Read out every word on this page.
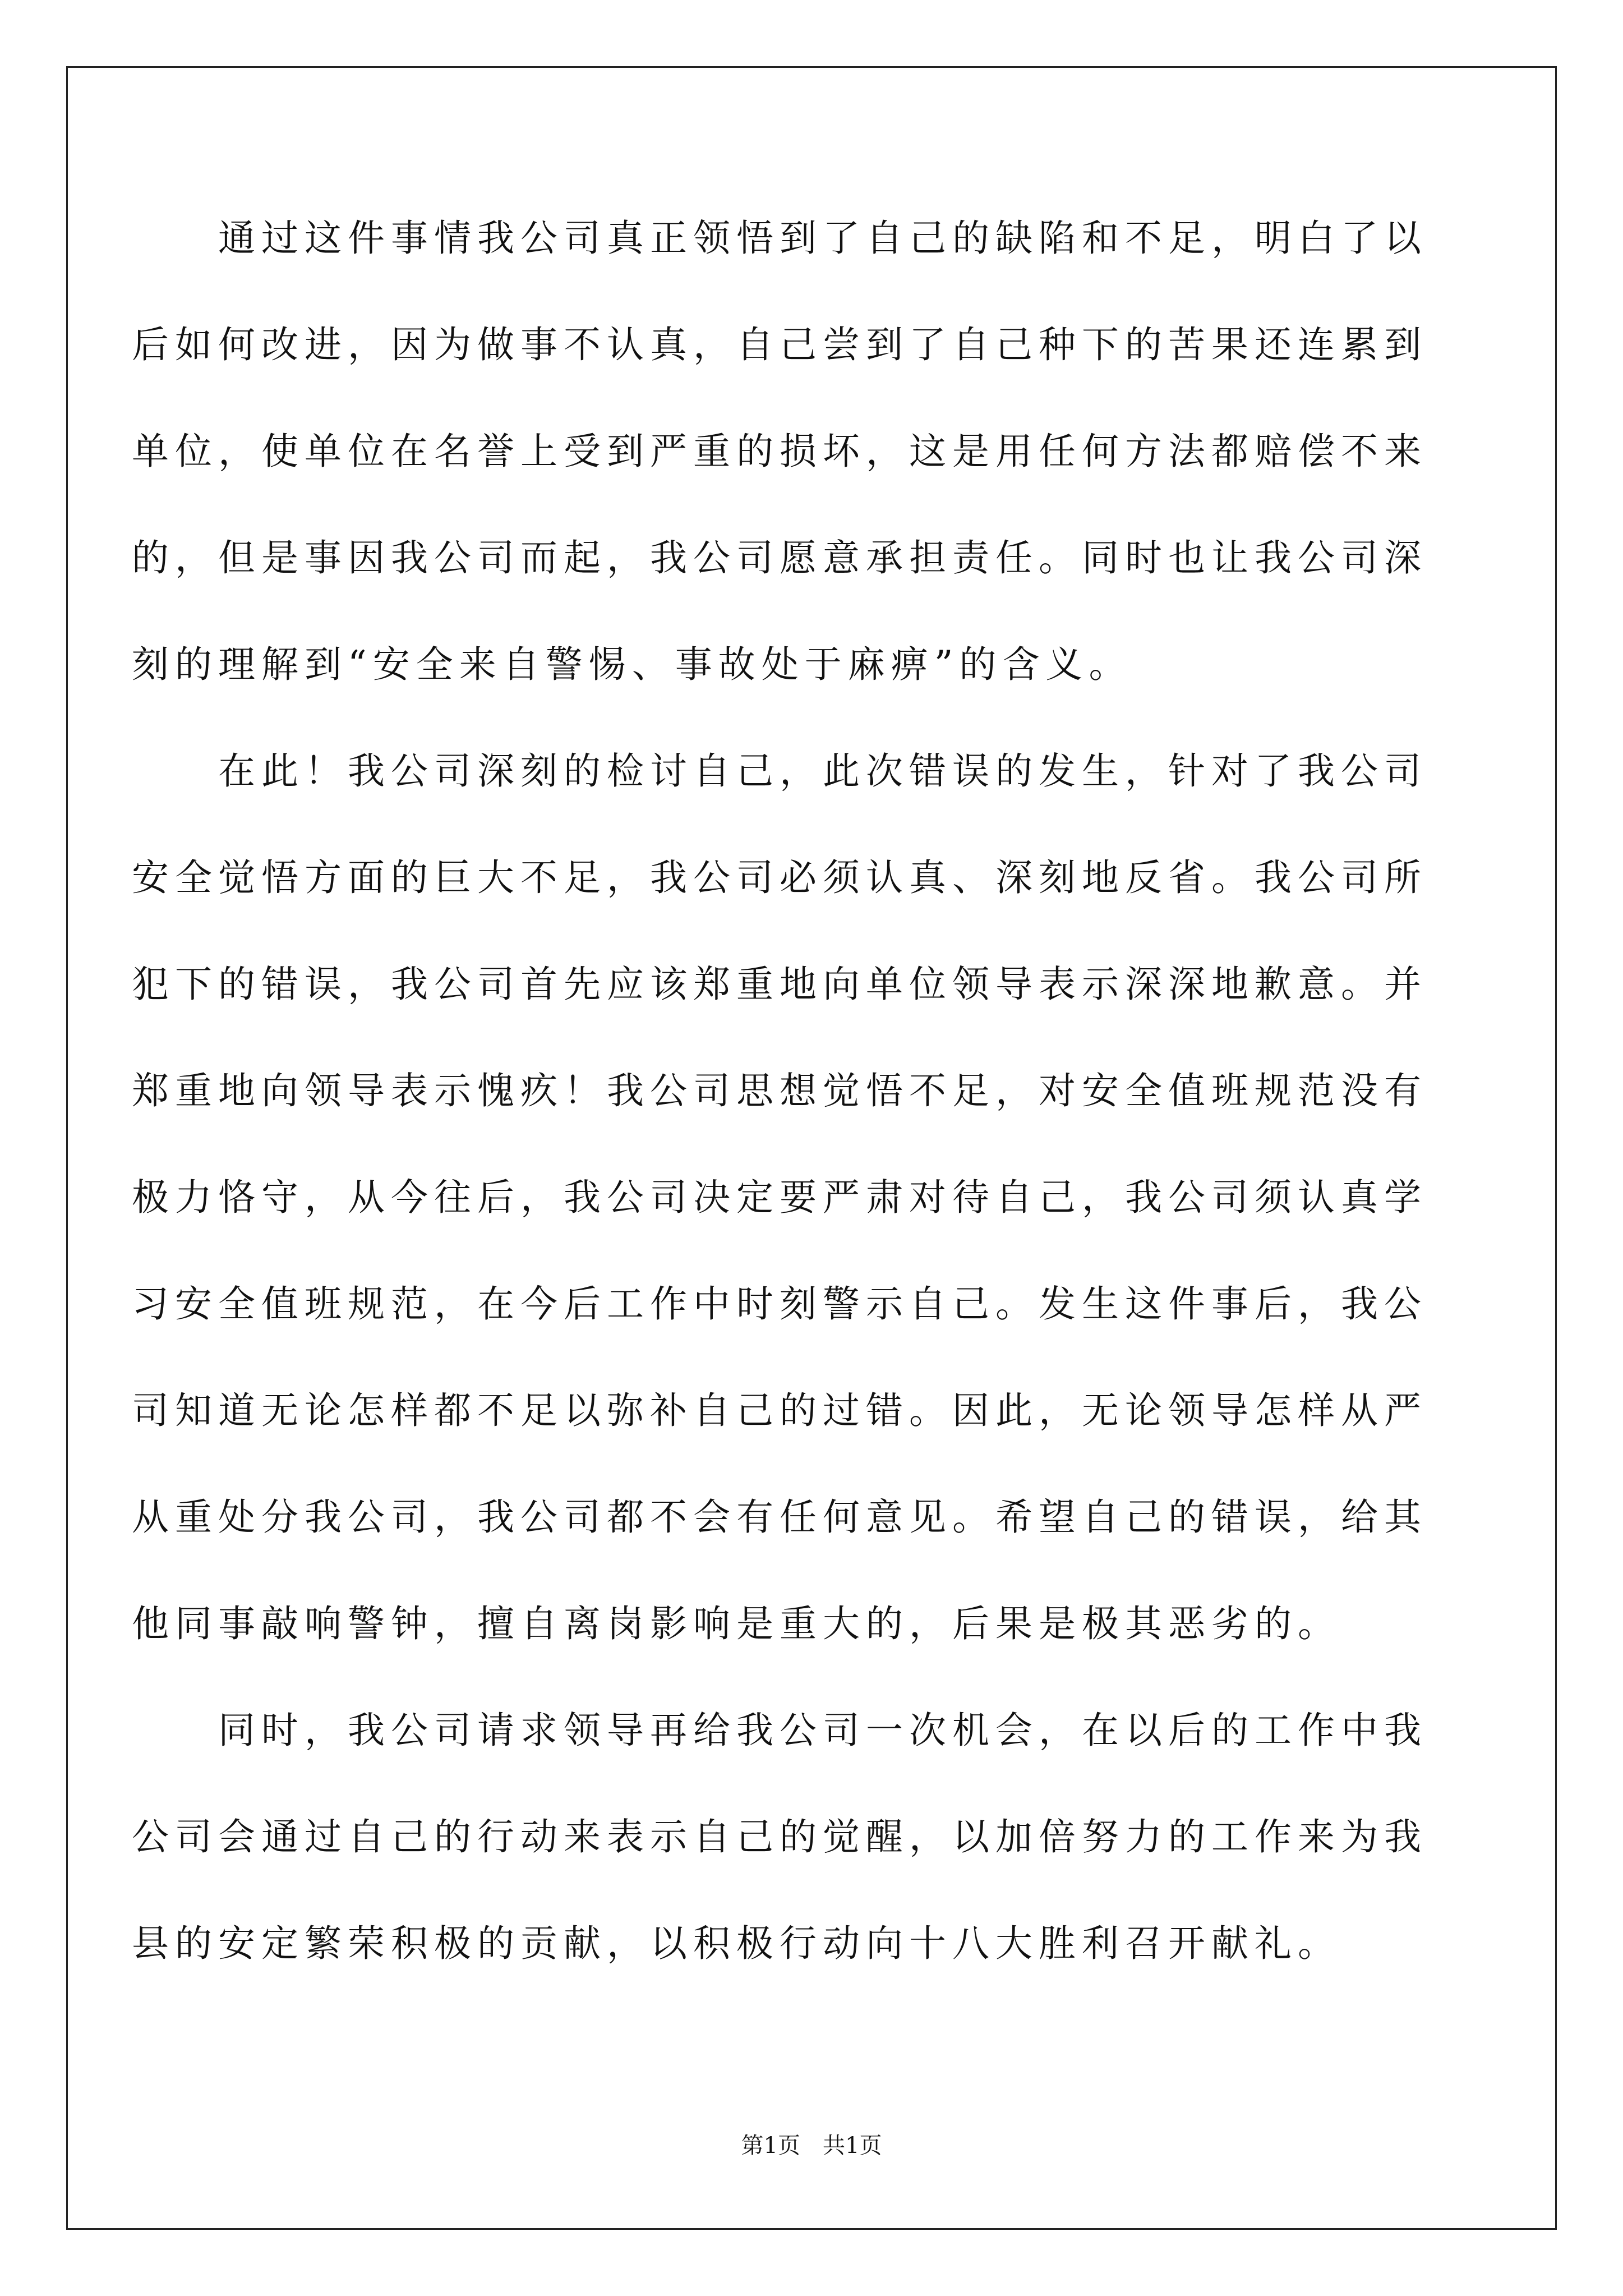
通过这件事情我公司真正领悟到了自己的缺陷和不足，明白了以后如何改进，因为做事不认真，自己尝到了自己种下的苦果还连累到单位，使单位在名誉上受到严重的损坏，这是用任何方法都赔偿不来的，但是事因我公司而起，我公司愿意承担责任。同时也让我公司深刻的理解到“安全来自警惕、事故处于麻痹”的含义。

在此！我公司深刻的检讨自己，此次错误的发生，针对了我公司安全觉悟方面的巨大不足，我公司必须认真、深刻地反省。我公司所犯下的错误，我公司首先应该郑重地向单位领导表示深深地歉意。并郑重地向领导表示愧疚！我公司思想觉悟不足，对安全值班规范没有极力恪守，从今往后，我公司决定要严肃对待自己，我公司须认真学习安全值班规范，在今后工作中时刻警示自己。发生这件事后，我公司知道无论怎样都不足以弥补自己的过错。因此，无论领导怎样从严从重处分我公司，我公司都不会有任何意见。希望自己的错误，给其他同事敲响警钟，擅自离岗影响是重大的，后果是极其恶劣的。

同时，我公司请求领导再给我公司一次机会，在以后的工作中我公司会通过自己的行动来表示自己的觉醒，以加倍努力的工作来为我县的安定繁荣积极的贡献，以积极行动向十八大胜利召开献礼。

第1页 共1页
